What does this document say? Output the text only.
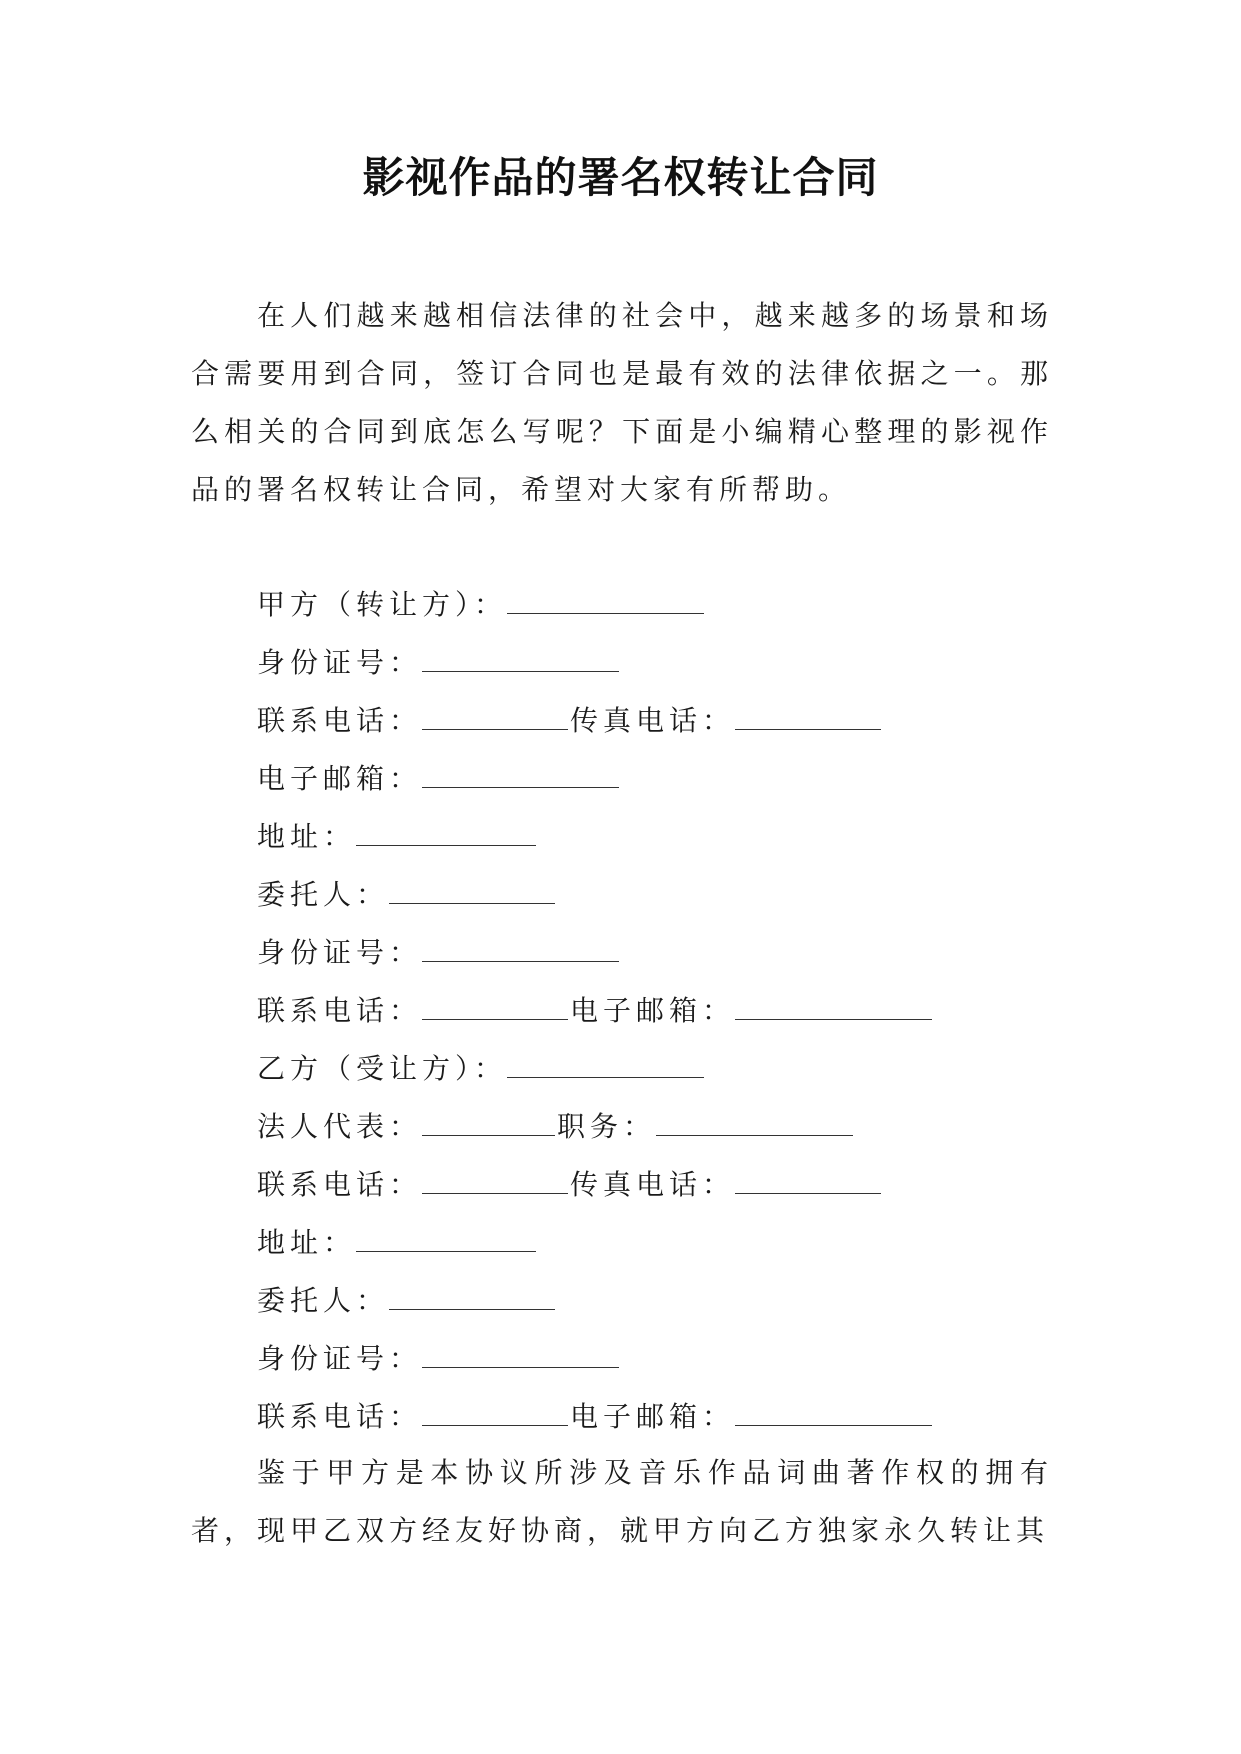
影视作品的署名权转让合同

在人们越来越相信法律的社会中，越来越多的场景和场合需要用到合同，签订合同也是最有效的法律依据之一。那么相关的合同到底怎么写呢？下面是小编精心整理的影视作品的署名权转让合同，希望对大家有所帮助。

甲方（转让方）：
身份证号：
联系电话：	传真电话：
电子邮箱：
地址：
委托人：
身份证号：
联系电话：	电子邮箱：
乙方（受让方）：
法人代表：	职务：
联系电话：	传真电话：
地址：
委托人：
身份证号：
联系电话：	电子邮箱：

鉴于甲方是本协议所涉及音乐作品词曲著作权的拥有者，现甲乙双方经友好协商，就甲方向乙方独家永久转让其
